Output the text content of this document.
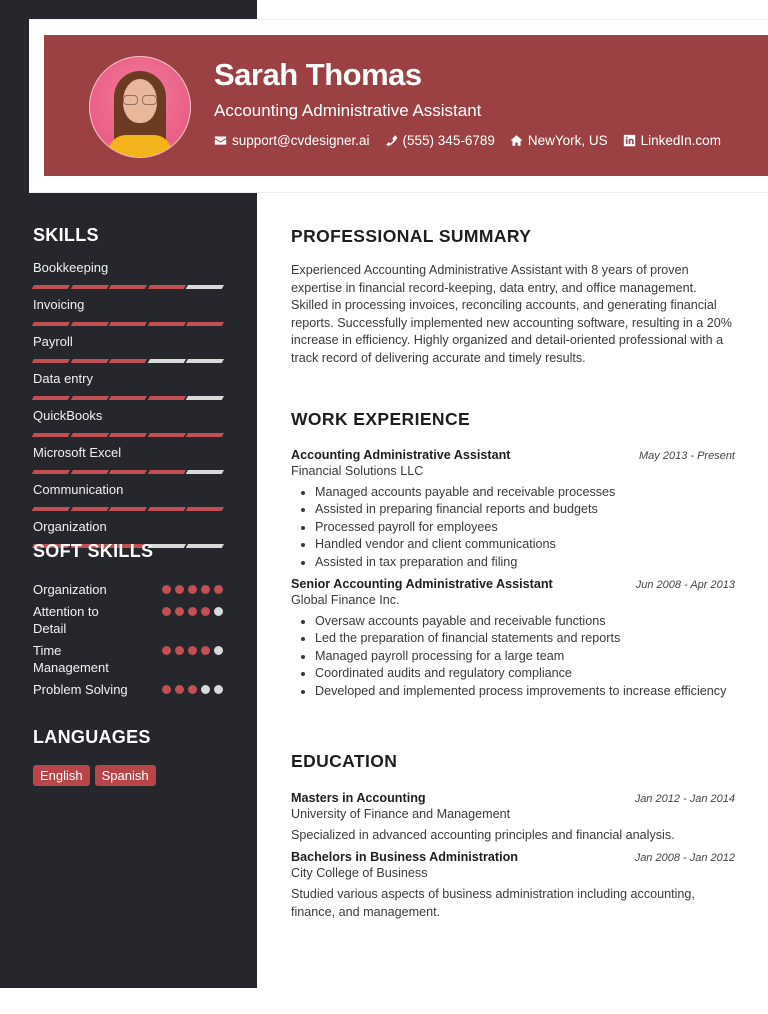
Sarah Thomas
Accounting Administrative Assistant
support@cvdesigner.ai (555) 345-6789 NewYork, US LinkedIn.com
SKILLS
Bookkeeping
Invoicing
Payroll
Data entry
QuickBooks
Microsoft Excel
Communication
Organization
SOFT SKILLS
Organization
Attention to Detail
Time Management
Problem Solving
LANGUAGES
English	Spanish
PROFESSIONAL SUMMARY

Experienced Accounting Administrative Assistant with 8 years of proven expertise in financial record-keeping, data entry, and office management. Skilled in processing invoices, reconciling accounts, and generating financial reports. Successfully implemented new accounting software, resulting in a 20% increase in efficiency. Highly organized and detail-oriented professional with a track record of delivering accurate and timely results.

WORK EXPERIENCE
Accounting Administrative Assistant	May 2013 - Present
Financial Solutions LLC
• Managed accounts payable and receivable processes
• Assisted in preparing financial reports and budgets
• Processed payroll for employees
• Handled vendor and client communications
• Assisted in tax preparation and filing
Senior Accounting Administrative Assistant	Jun 2008 - Apr 2013
Global Finance Inc.
• Oversaw accounts payable and receivable functions
• Led the preparation of financial statements and reports
• Managed payroll processing for a large team
• Coordinated audits and regulatory compliance
• Developed and implemented process improvements to increase efficiency
EDUCATION
Masters in Accounting	Jan 2012 - Jan 2014
University of Finance and Management
Specialized in advanced accounting principles and financial analysis.
Bachelors in Business Administration	Jan 2008 - Jan 2012
City College of Business
Studied various aspects of business administration including accounting, finance, and management.
